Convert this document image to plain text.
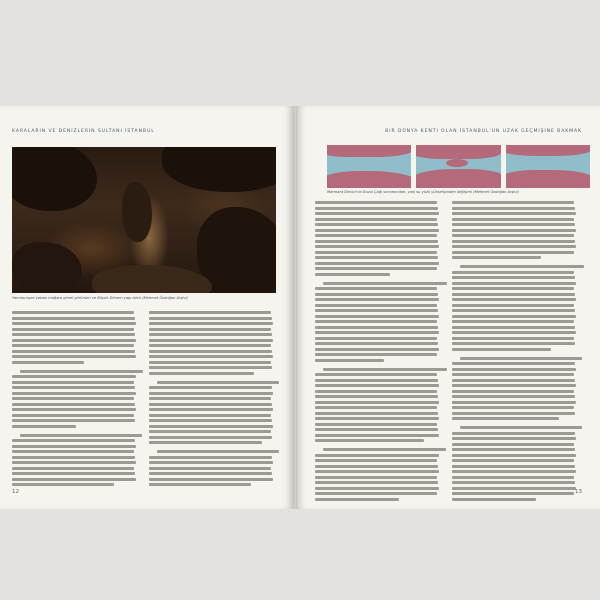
KARALARIN VE DENIZLERIN SULTANI İSTANBUL
Yarımburgaz yakası mağara genel görünüm ve Büyük Dönem yapı izleri (Mehmet Özdoğan Arşivi)
12
BIR DÜNYA KENTI OLAN İSTANBUL'UN UZAK GEÇMIŞINE BAKMAK
Marmara Denizi'nin Buzul Çağı sonrasından, yani su yüzü yükselişinden değişimi (Mehmet Özdoğan Arşivi)
13
